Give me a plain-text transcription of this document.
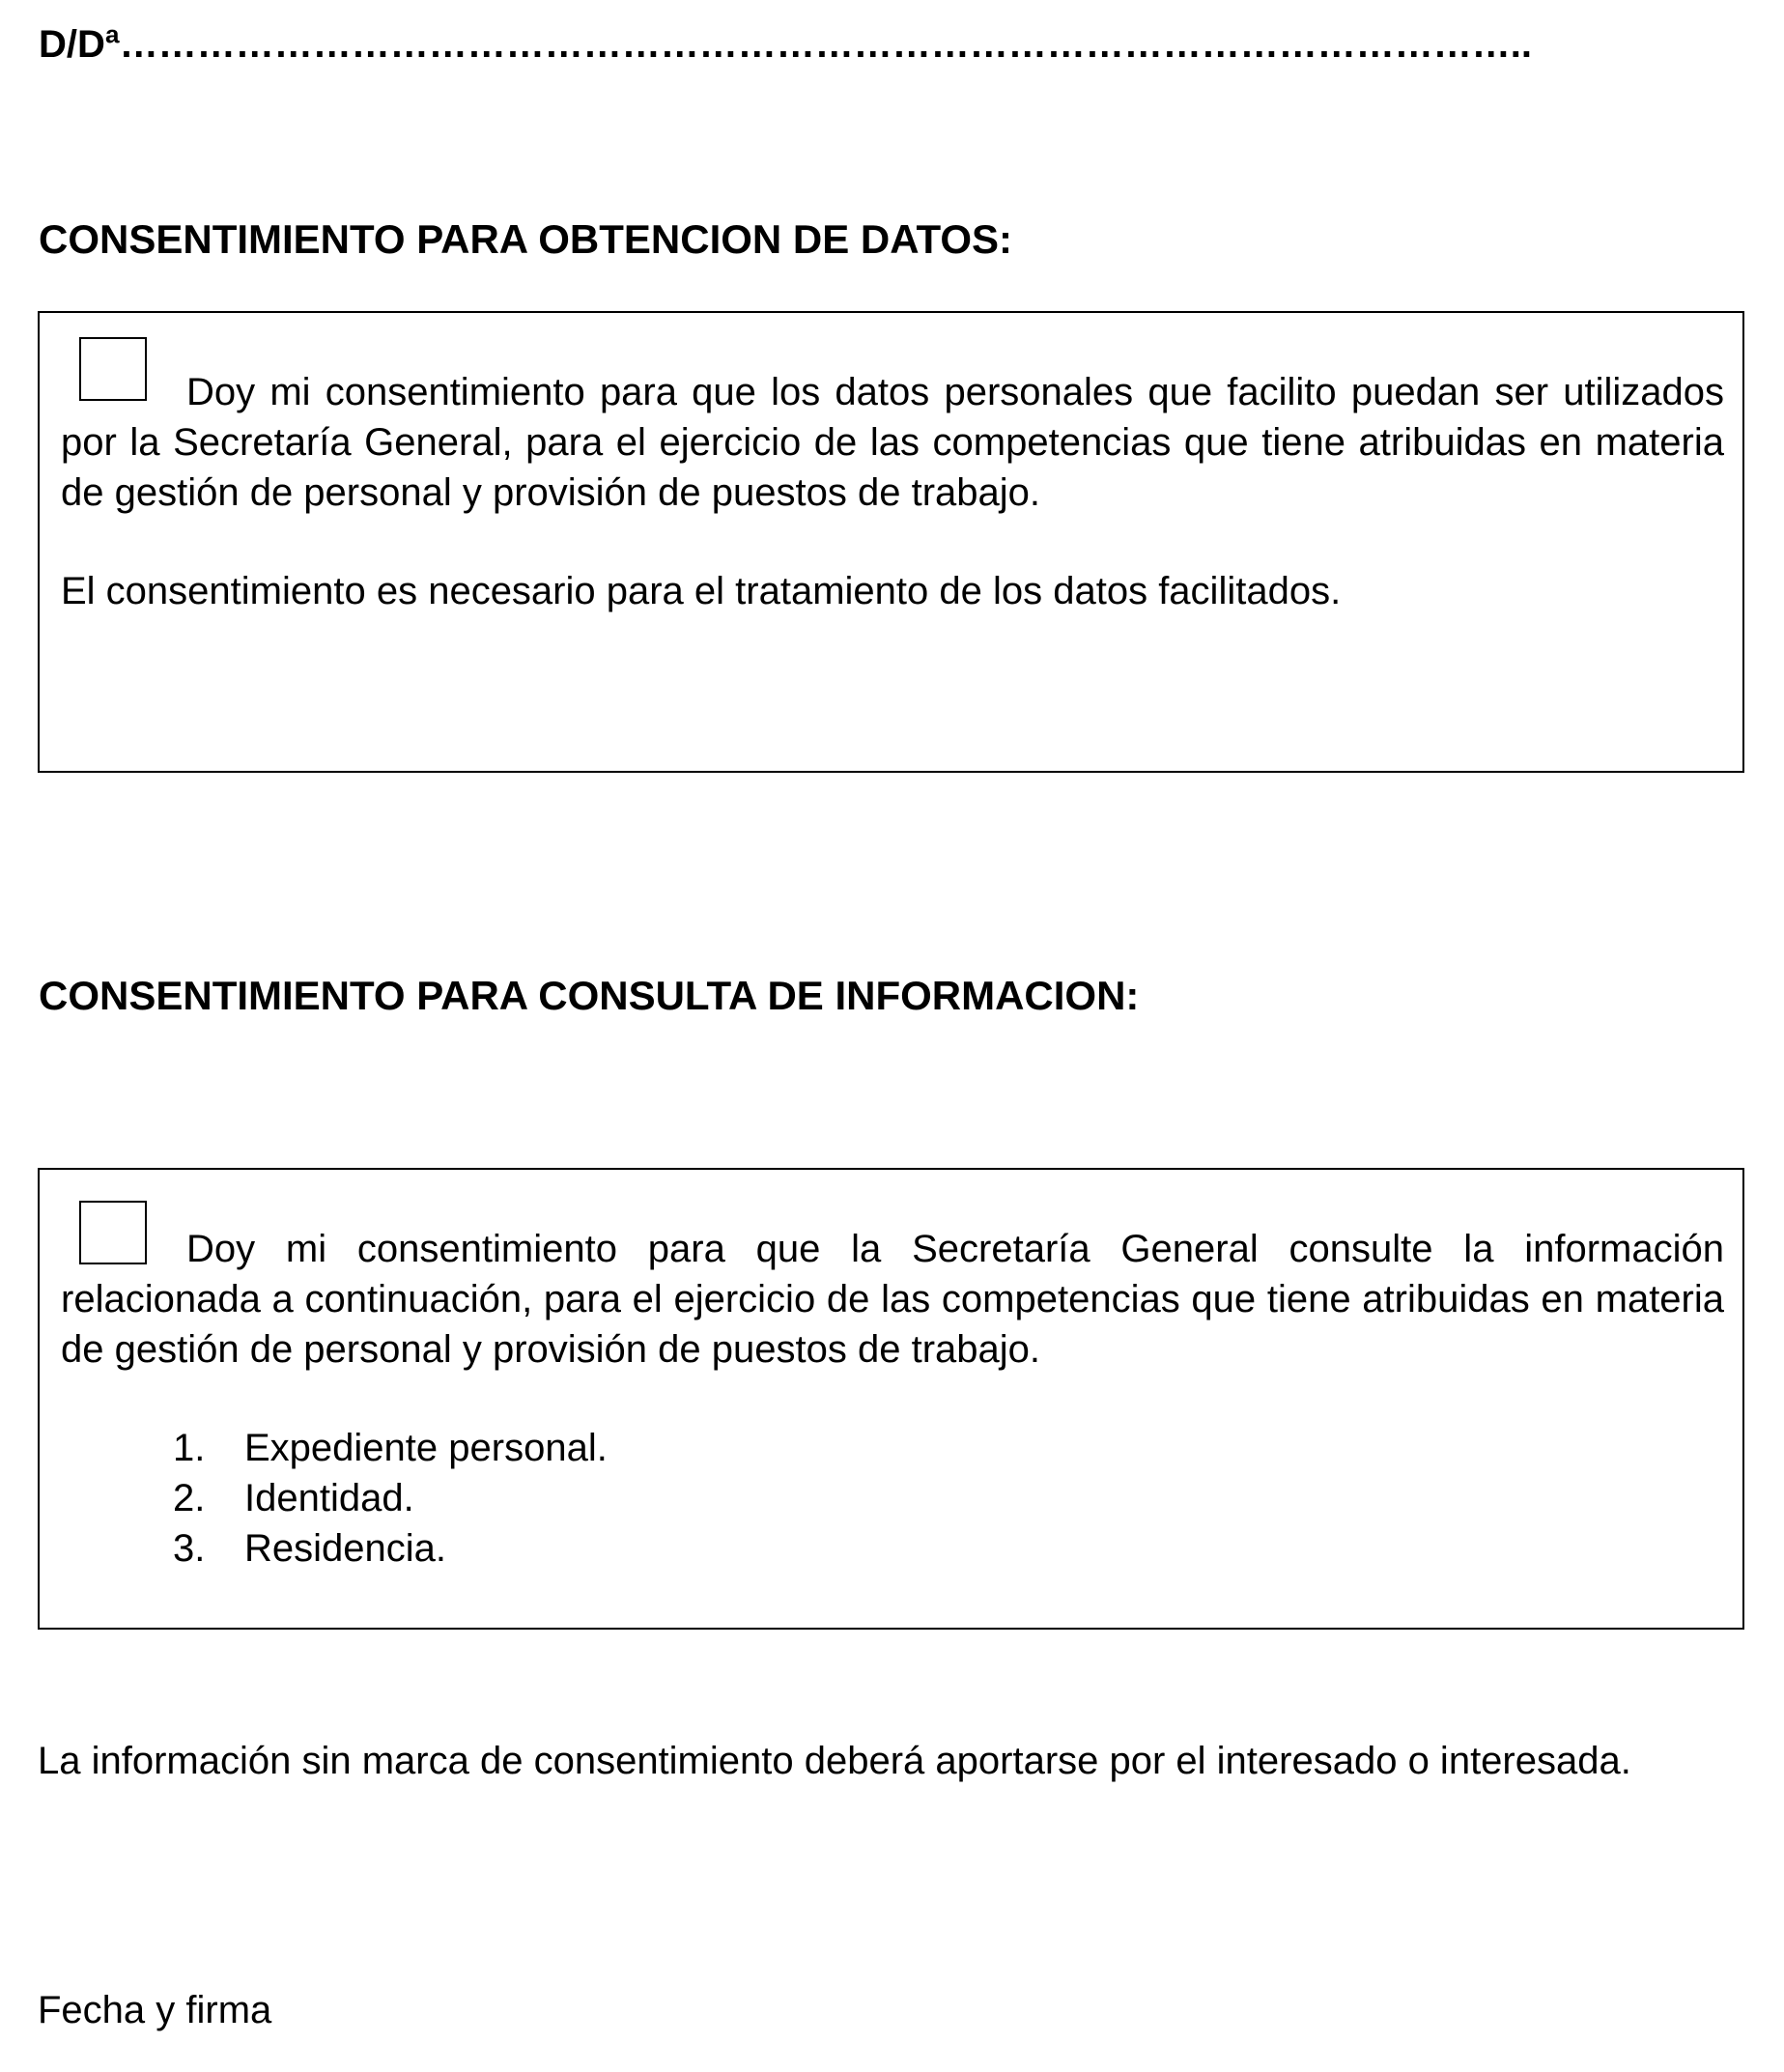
D/Dª………………………………………………………………………………………………..
CONSENTIMIENTO PARA OBTENCION DE DATOS:
Doy mi consentimiento para que los datos personales que facilito puedan ser utilizados por la Secretaría General, para el ejercicio de las competencias que tiene atribuidas en materia de gestión de personal y provisión de puestos de trabajo.
El consentimiento es necesario para el tratamiento de los datos facilitados.
CONSENTIMIENTO PARA CONSULTA DE INFORMACION:
Doy mi consentimiento para que la Secretaría General consulte la información relacionada a continuación, para el ejercicio de las competencias que tiene atribuidas en materia de gestión de personal y provisión de puestos de trabajo.
1. Expediente personal.
2. Identidad.
3. Residencia.
La información sin marca de consentimiento deberá aportarse por el interesado o interesada.
Fecha y firma
